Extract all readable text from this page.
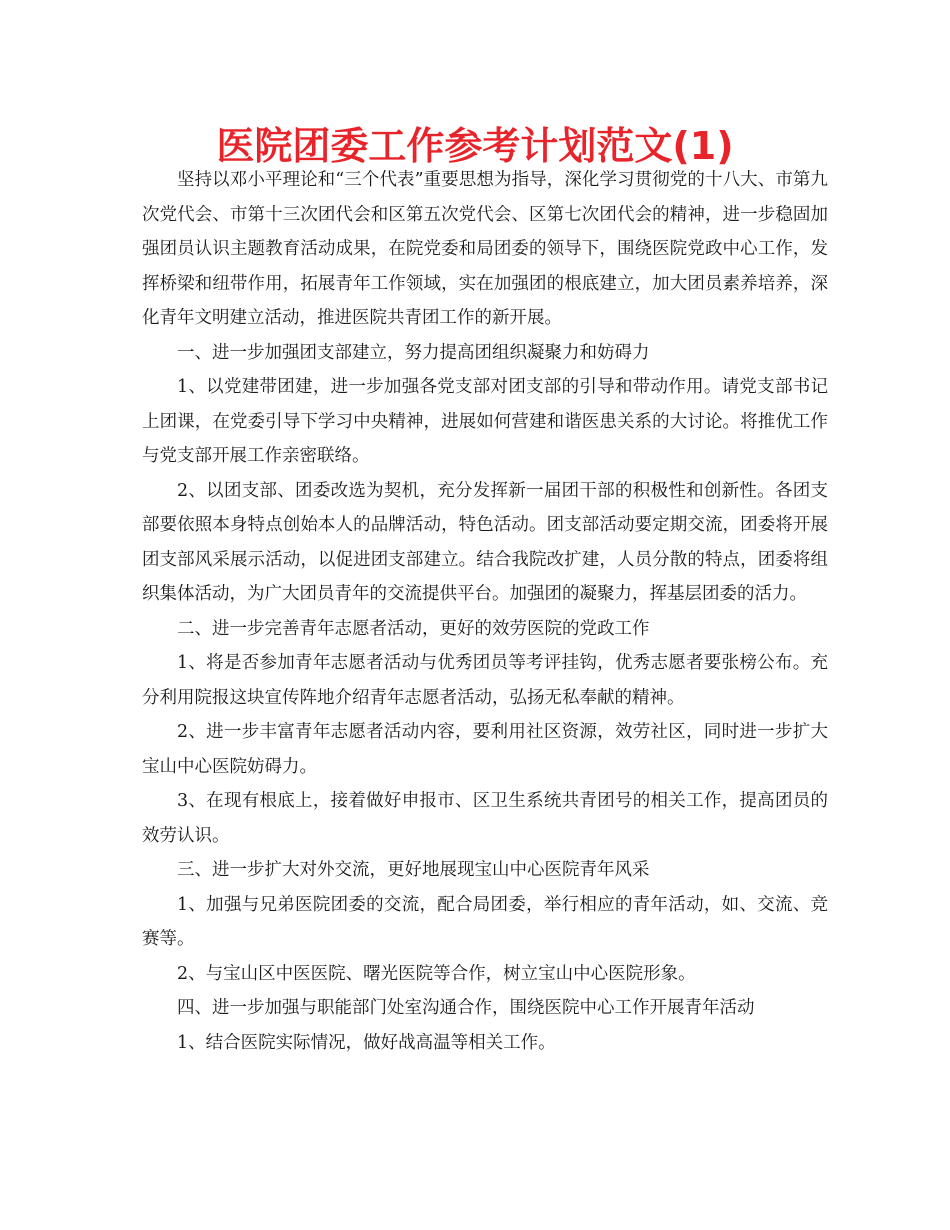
医院团委工作参考计划范文(1)

坚持以邓小平理论和“三个代表”重要思想为指导，深化学习贯彻党的十八大、市第九次党代会、市第十三次团代会和区第五次党代会、区第七次团代会的精神，进一步稳固加强团员认识主题教育活动成果，在院党委和局团委的领导下，围绕医院党政中心工作，发挥桥梁和纽带作用，拓展青年工作领域，实在加强团的根底建立，加大团员素养培养，深化青年文明建立活动，推进医院共青团工作的新开展。

一、进一步加强团支部建立，努力提高团组织凝聚力和妨碍力

1、以党建带团建，进一步加强各党支部对团支部的引导和带动作用。请党支部书记上团课，在党委引导下学习中央精神，进展如何营建和谐医患关系的大讨论。将推优工作与党支部开展工作亲密联络。

2、以团支部、团委改选为契机，充分发挥新一届团干部的积极性和创新性。各团支部要依照本身特点创始本人的品牌活动，特色活动。团支部活动要定期交流，团委将开展团支部风采展示活动，以促进团支部建立。结合我院改扩建，人员分散的特点，团委将组织集体活动，为广大团员青年的交流提供平台。加强团的凝聚力，挥基层团委的活力。

二、进一步完善青年志愿者活动，更好的效劳医院的党政工作

1、将是否参加青年志愿者活动与优秀团员等考评挂钩，优秀志愿者要张榜公布。充分利用院报这块宣传阵地介绍青年志愿者活动，弘扬无私奉献的精神。

2、进一步丰富青年志愿者活动内容，要利用社区资源，效劳社区，同时进一步扩大宝山中心医院妨碍力。

3、在现有根底上，接着做好申报市、区卫生系统共青团号的相关工作，提高团员的效劳认识。

三、进一步扩大对外交流，更好地展现宝山中心医院青年风采

1、加强与兄弟医院团委的交流，配合局团委，举行相应的青年活动，如、交流、竞赛等。

2、与宝山区中医医院、曙光医院等合作，树立宝山中心医院形象。

四、进一步加强与职能部门处室沟通合作，围绕医院中心工作开展青年活动

1、结合医院实际情况，做好战高温等相关工作。
